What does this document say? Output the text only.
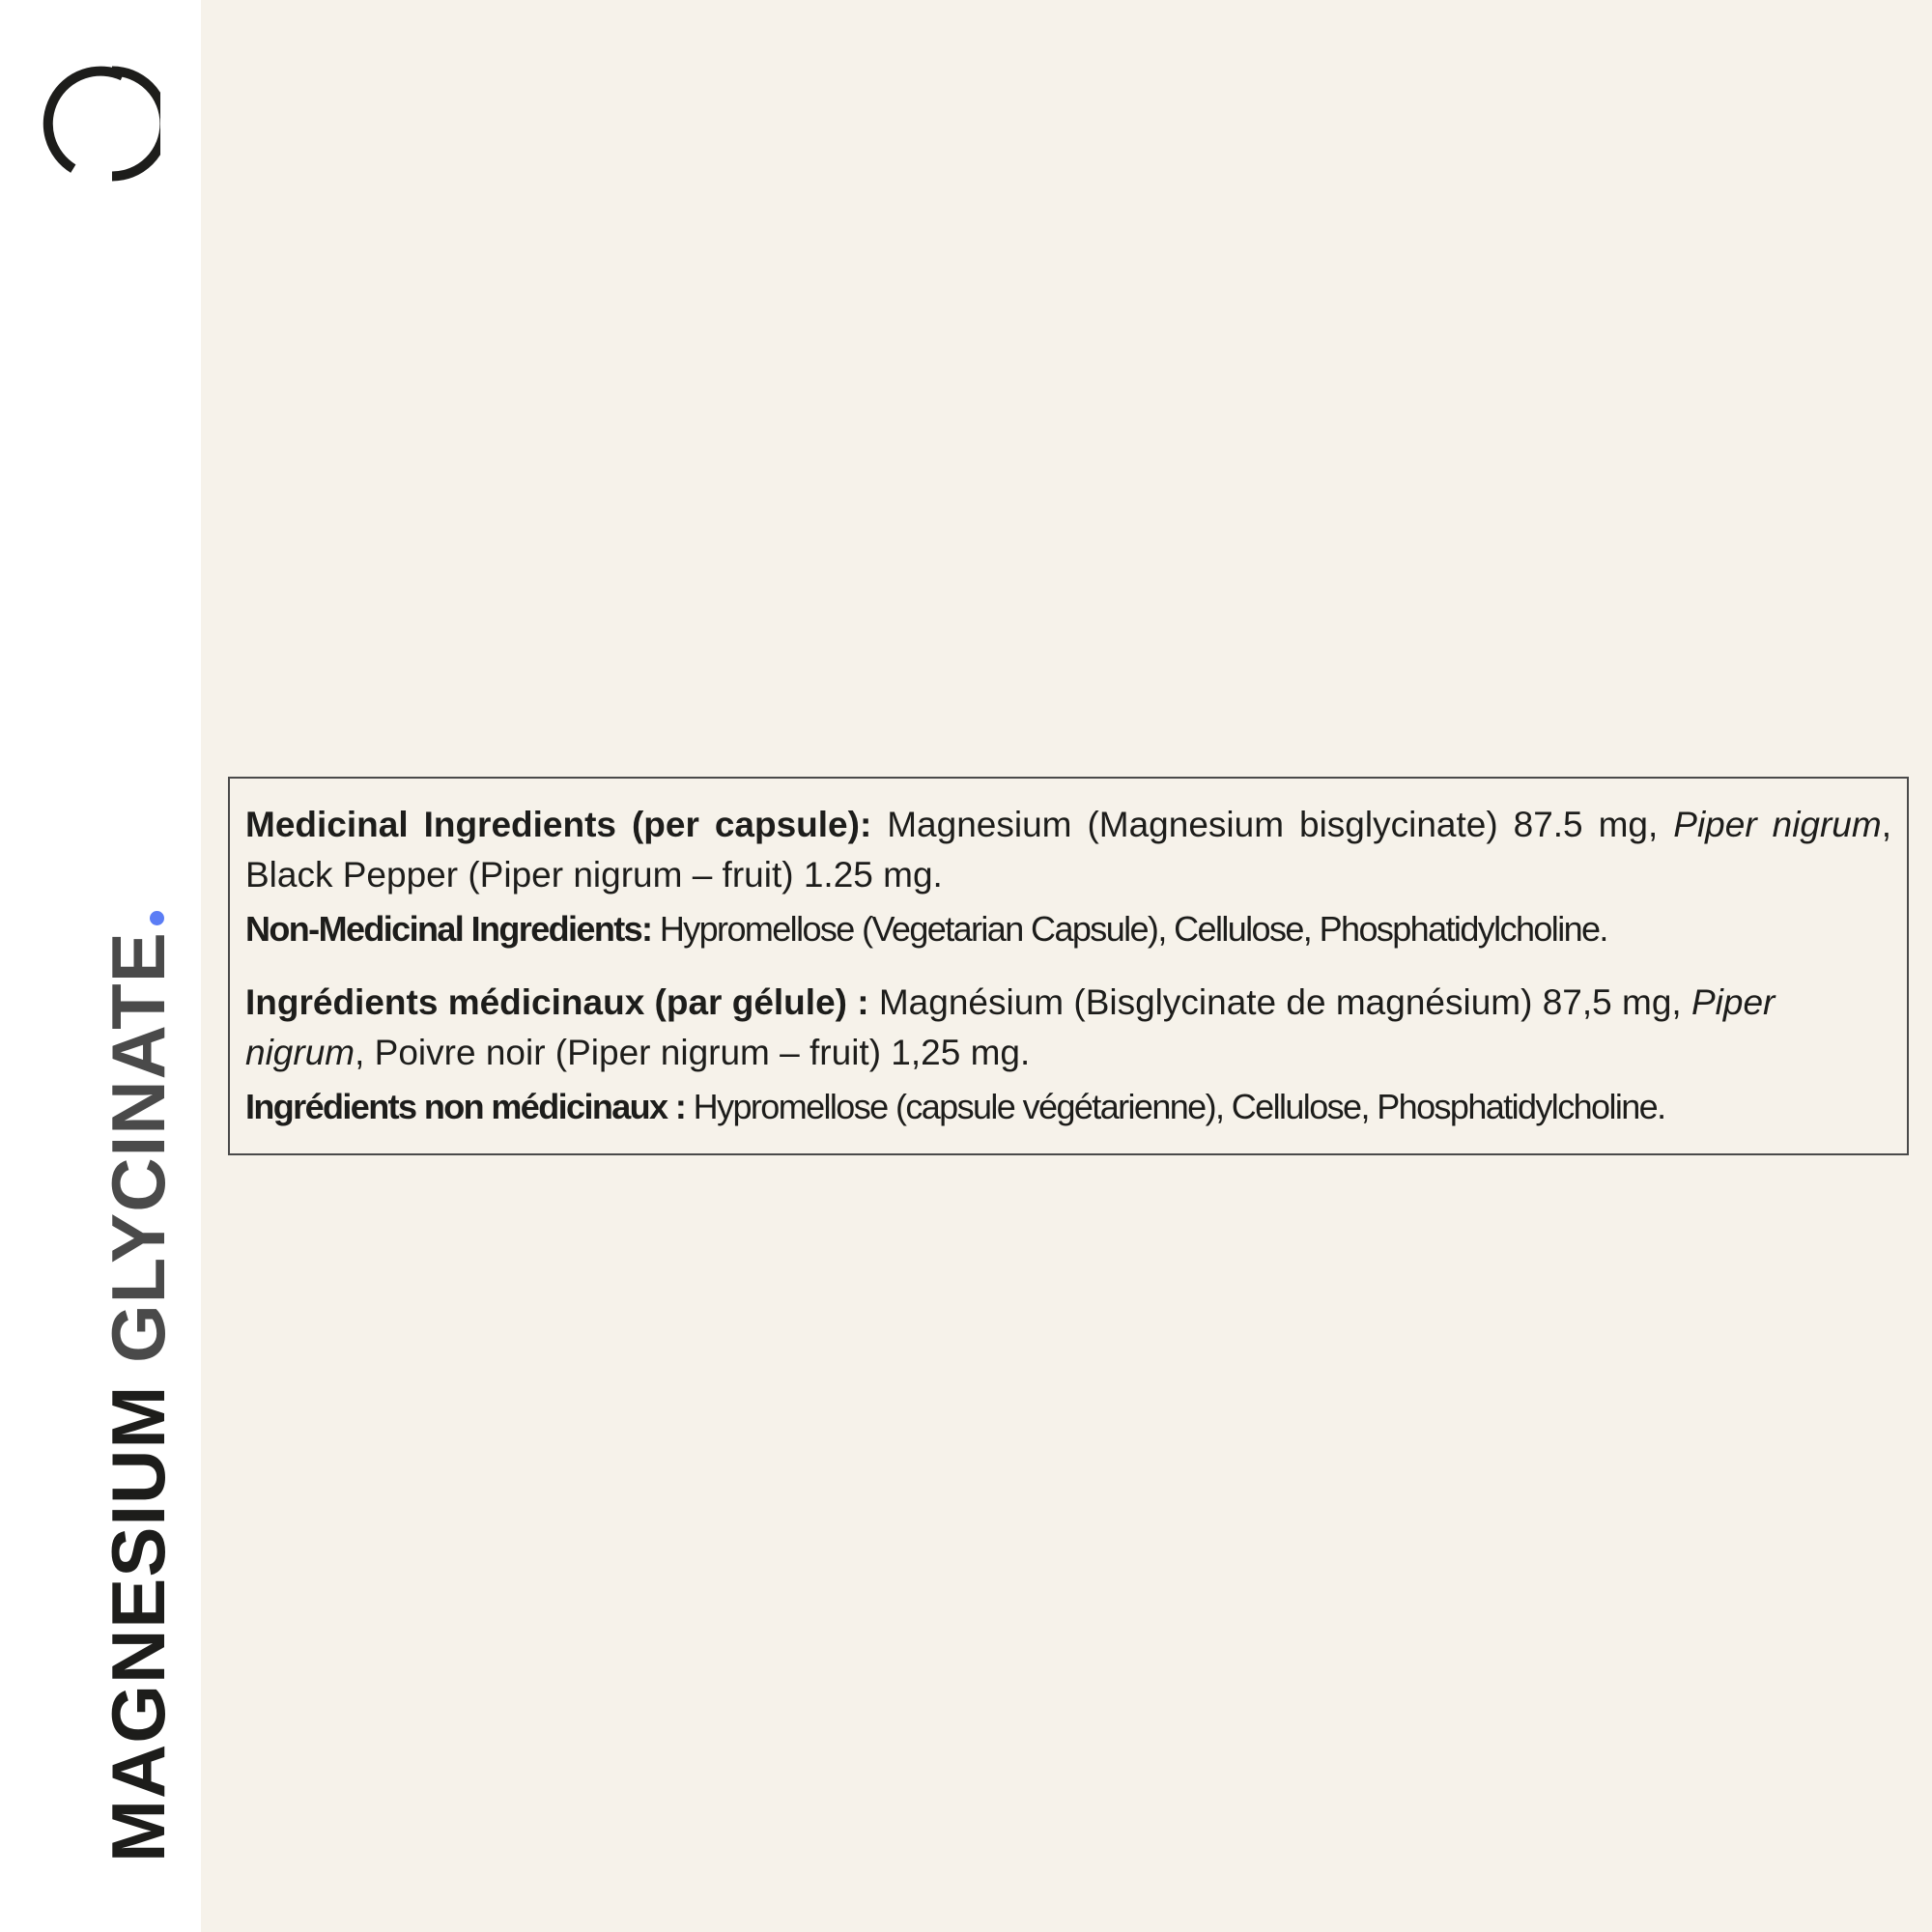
MAGNESIUM GLYCINATE

Medicinal Ingredients (per capsule): Magnesium (Magnesium bisglycinate) 87.5 mg, Piper nigrum, Black Pepper (Piper nigrum – fruit) 1.25 mg.

Non-Medicinal Ingredients: Hypromellose (Vegetarian Capsule), Cellulose, Phosphatidylcholine.

Ingrédients médicinaux (par gélule) : Magnésium (Bisglycinate de magnésium) 87,5 mg, Piper nigrum, Poivre noir (Piper nigrum – fruit) 1,25 mg.

Ingrédients non médicinaux : Hypromellose (capsule végétarienne), Cellulose, Phosphatidylcholine.
